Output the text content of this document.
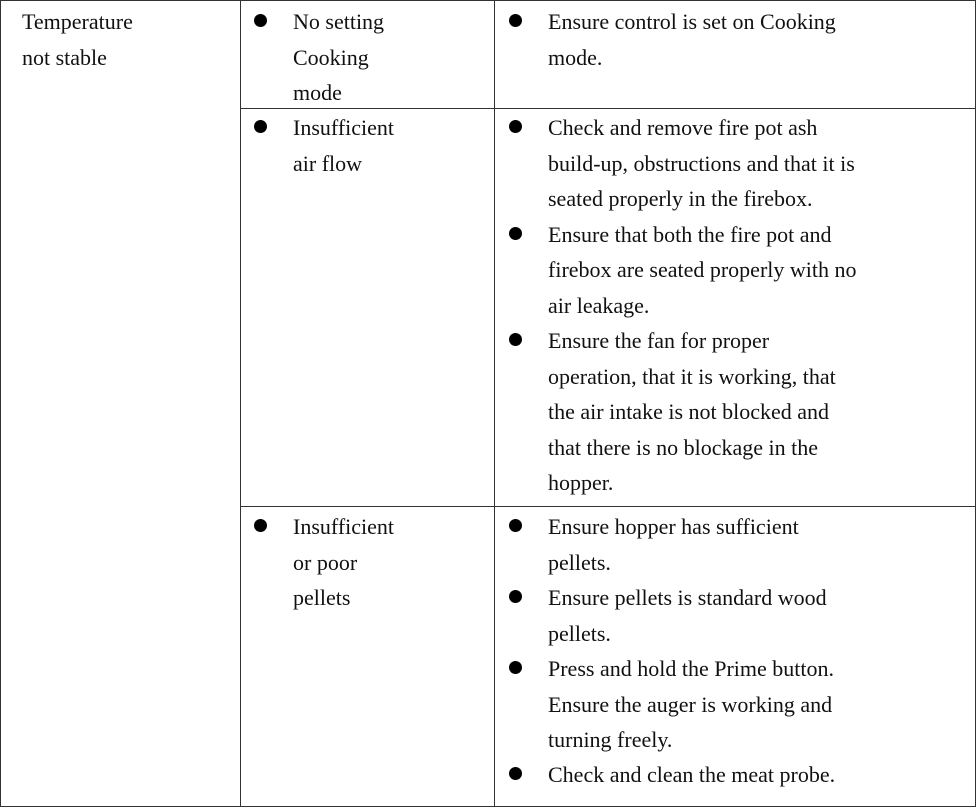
Temperature
not stable
No setting
Cooking
mode
Ensure control is set on Cooking
mode.
Insufficient
air flow
Check and remove fire pot ash
build-up, obstructions and that it is
seated properly in the firebox.
Ensure that both the fire pot and
firebox are seated properly with no
air leakage.
Ensure the fan for proper
operation, that it is working, that
the air intake is not blocked and
that there is no blockage in the
hopper.
Insufficient
or poor
pellets
Ensure hopper has sufficient
pellets.
Ensure pellets is standard wood
pellets.
Press and hold the Prime button.
Ensure the auger is working and
turning freely.
Check and clean the meat probe.
